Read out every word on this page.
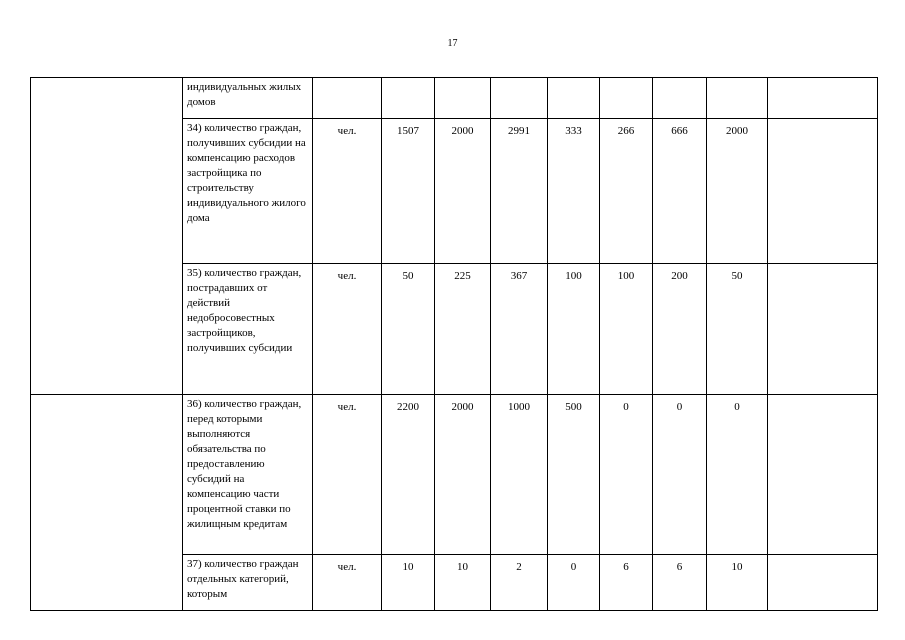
17
	индивидуальных жилых домов									
	34) количество граждан, получивших субсидии на компенсацию расходов застройщика по строительству индивидуального жилого дома	чел.	1507	2000	2991	333	266	666	2000	
	35) количество граждан, пострадавших от действий недобросовестных застройщиков, получивших субсидии	чел.	50	225	367	100	100	200	50	
	36) количество граждан, перед которыми выполняются обязательства по предоставлению субсидий на компенсацию части процентной ставки по жилищным кредитам	чел.	2200	2000	1000	500	0	0	0	
	37) количество граждан отдельных категорий, которым	чел.	10	10	2	0	6	6	10	
